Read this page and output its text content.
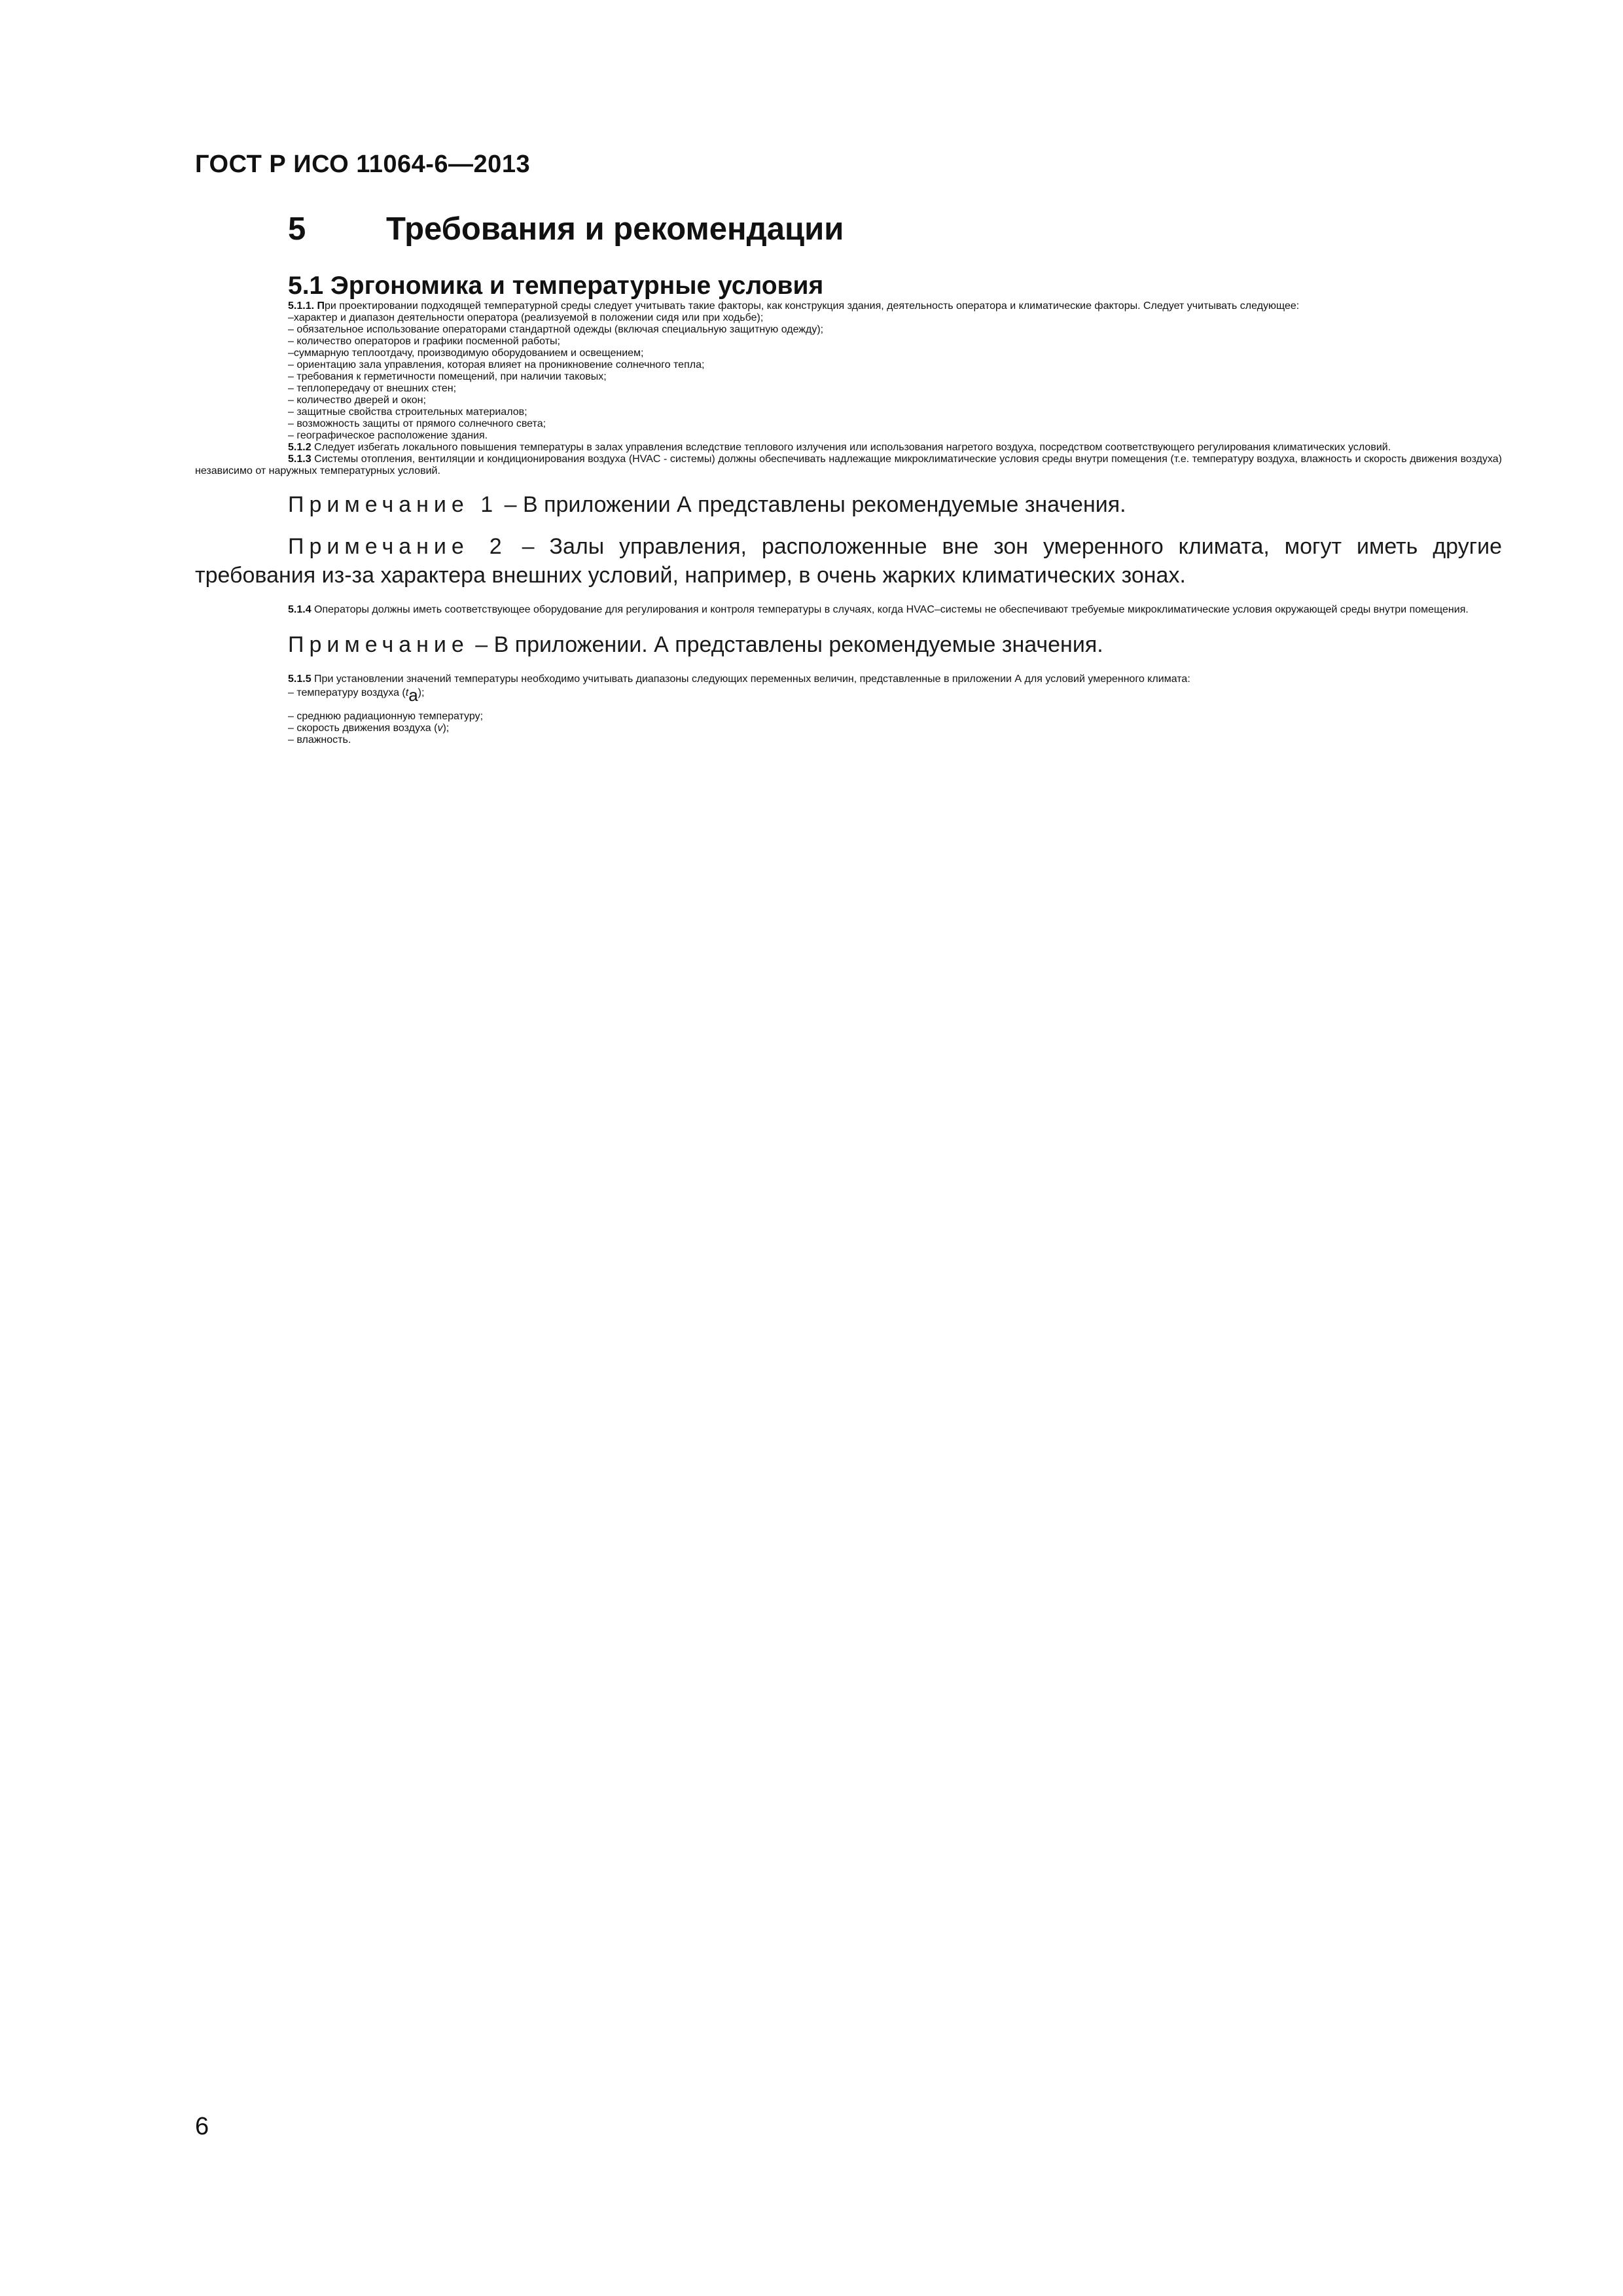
ГОСТ Р ИСО 11064-6—2013
5	Требования и рекомендации

5.1 Эргономика и температурные условия

5.1.1. При проектировании подходящей температурной среды следует учитывать такие факторы, как конструкция здания, деятельность оператора и климатические факторы. Следует учитывать следующее:

–характер и диапазон деятельности оператора (реализуемой в положении сидя или при ходьбе);

– обязательное использование операторами стандартной одежды (включая специальную защитную одежду);

– количество операторов и графики посменной работы;

–суммарную теплоотдачу, производимую оборудованием и освещением;

– ориентацию зала управления, которая влияет на проникновение солнечного тепла;

– требования к герметичности помещений, при наличии таковых;

– теплопередачу от внешних стен;

– количество дверей и окон;

– защитные свойства строительных материалов;

– возможность защиты от прямого солнечного света;

– географическое расположение здания.

5.1.2 Следует избегать локального повышения температуры в залах управления вследствие теплового излучения или использования нагретого воздуха, посредством соответствующего регулирования климатических условий.

5.1.3 Системы отопления, вентиляции и кондиционирования воздуха (HVAC - системы) должны обеспечивать надлежащие микроклиматические условия среды внутри помещения (т.е. температуру воздуха, влажность и скорость движения воздуха) независимо от наружных температурных условий.

Примечание 1 – В приложении А представлены рекомендуемые значения.

Примечание 2 – Залы управления, расположенные вне зон умеренного климата, могут иметь другие требования из-за характера внешних условий, например, в очень жарких климатических зонах.

5.1.4 Операторы должны иметь соответствующее оборудование для регулирования и контроля температуры в случаях, когда HVAC–системы не обеспечивают требуемые микроклиматические условия окружающей среды внутри помещения.

Примечание – В приложении. А представлены рекомендуемые значения.

5.1.5 При установлении значений температуры необходимо учитывать диапазоны следующих переменных величин, представленные в приложении А для условий умеренного климата:

– температуру воздуха $(t_a)$;

– среднюю радиационную температуру;

– скорость движения воздуха (v);

– влажность.

6
